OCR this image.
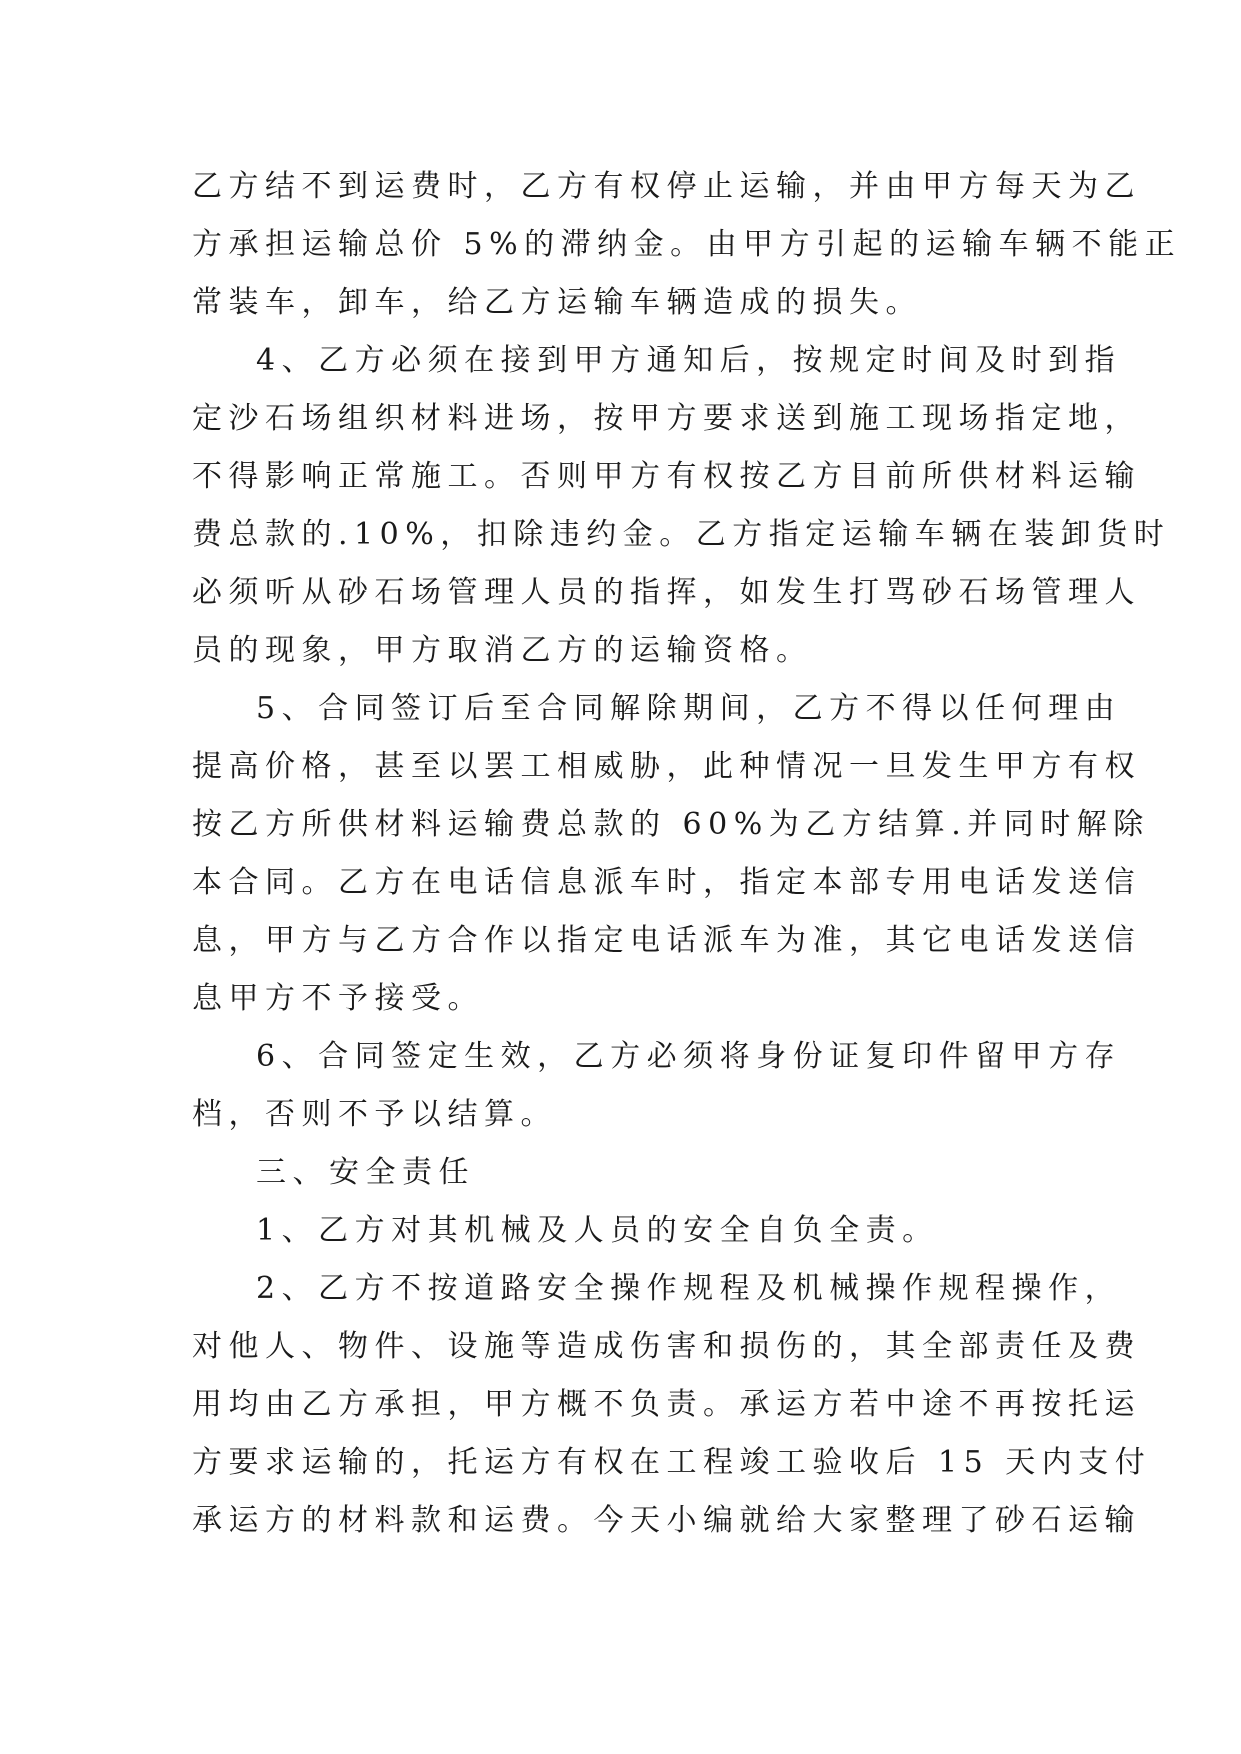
乙方结不到运费时，乙方有权停止运输，并由甲方每天为乙
方承担运输总价 5%的滞纳金。由甲方引起的运输车辆不能正
常装车，卸车，给乙方运输车辆造成的损失。
4、乙方必须在接到甲方通知后，按规定时间及时到指
定沙石场组织材料进场，按甲方要求送到施工现场指定地，
不得影响正常施工。否则甲方有权按乙方目前所供材料运输
费总款的.10%，扣除违约金。乙方指定运输车辆在装卸货时
必须听从砂石场管理人员的指挥，如发生打骂砂石场管理人
员的现象，甲方取消乙方的运输资格。
5、合同签订后至合同解除期间，乙方不得以任何理由
提高价格，甚至以罢工相威胁，此种情况一旦发生甲方有权
按乙方所供材料运输费总款的 60%为乙方结算.并同时解除
本合同。乙方在电话信息派车时，指定本部专用电话发送信
息，甲方与乙方合作以指定电话派车为准，其它电话发送信
息甲方不予接受。
6、合同签定生效，乙方必须将身份证复印件留甲方存
档，否则不予以结算。
三、安全责任
1、乙方对其机械及人员的安全自负全责。
2、乙方不按道路安全操作规程及机械操作规程操作，
对他人、物件、设施等造成伤害和损伤的，其全部责任及费
用均由乙方承担，甲方概不负责。承运方若中途不再按托运
方要求运输的，托运方有权在工程竣工验收后 15 天内支付
承运方的材料款和运费。今天小编就给大家整理了砂石运输
